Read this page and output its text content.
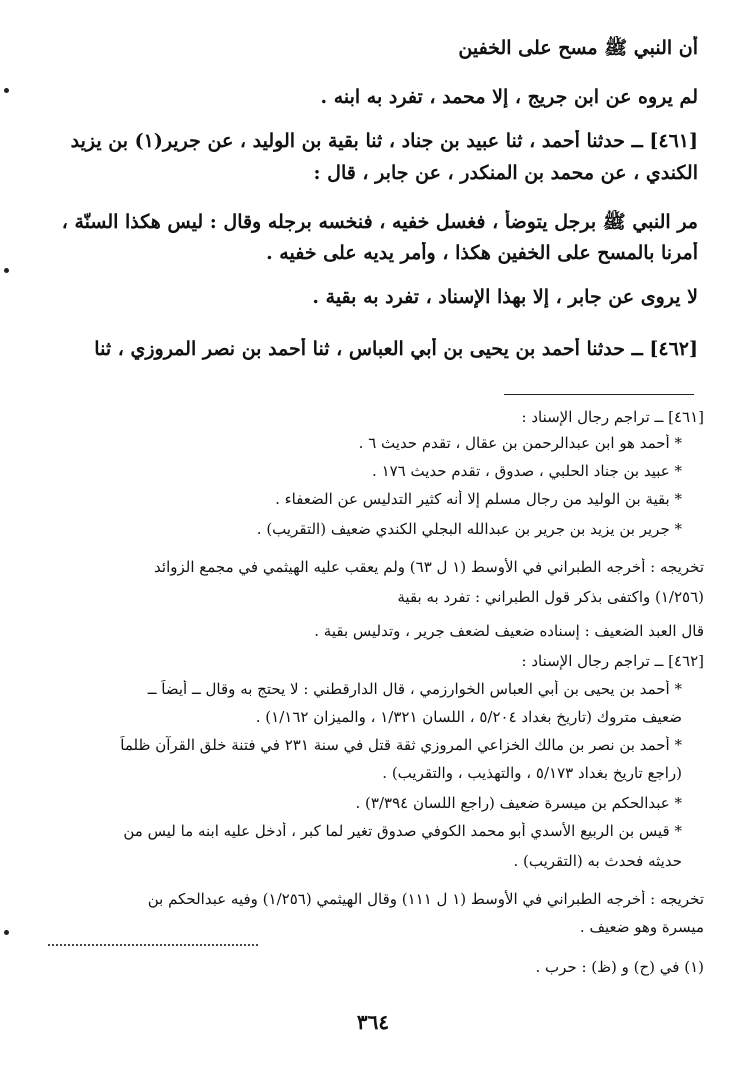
أن النبي ﷺ مسح على الخفين
لم يروه عن ابن جريج ، إلا محمد ، تفرد به ابنه .
[٤٦١] ــ حدثنا أحمد ، ثنا عبيد بن جناد ، ثنا بقية بن الوليد ، عن جرير(١) بن يزيد
الكندي ، عن محمد بن المنكدر ، عن جابر ، قال :
مر النبي ﷺ برجل يتوضأ ، فغسل خفيه ، فنخسه برجله وقال : ليس هكذا السنّة ،
أمرنا بالمسح على الخفين هكذا ، وأمر يديه على خفيه .
لا يروى عن جابر ، إلا بهذا الإسناد ، تفرد به بقية .
[٤٦٢] ــ حدثنا أحمد بن يحيى بن أبي العباس ، ثنا أحمد بن نصر المروزي ، ثنا
[٤٦١] ــ تراجم رجال الإسناد :
* أحمد هو ابن عبدالرحمن بن عقال ، تقدم حديث ٦ .
* عبيد بن جناد الحلبي ، صدوق ، تقدم حديث ١٧٦ .
* بقية بن الوليد من رجال مسلم إلا أنه كثير التدليس عن الضعفاء .
* جرير بن يزيد بن جرير بن عبدالله البجلي الكندي ضعيف (التقريب) .
تخريجه : أخرجه الطبراني في الأوسط (١ ل ٦٣) ولم يعقب عليه الهيثمي في مجمع الزوائد
(١/٢٥٦) واكتفى بذكر قول الطبراني : تفرد به بقية
قال العبد الضعيف : إسناده ضعيف لضعف جرير ، وتدليس بقية .
[٤٦٢] ــ تراجم رجال الإسناد :
* أحمد بن يحيى بن أبي العباس الخوارزمي ، قال الدارقطني : لا يحتج به وقال ــ أيضاً ــ
ضعيف متروك (تاريخ بغداد ٥/٢٠٤ ، اللسان ١/٣٢١ ، والميزان ١/١٦٢) .
* أحمد بن نصر بن مالك الخزاعي المروزي ثقة قتل في سنة ٢٣١ في فتنة خلق القرآن ظلماً
(راجع تاريخ بغداد ٥/١٧٣ ، والتهذيب ، والتقريب) .
* عبدالحكم بن ميسرة ضعيف (راجع اللسان ٣/٣٩٤) .
* قيس بن الربيع الأسدي أبو محمد الكوفي صدوق تغير لما كبر ، أدخل عليه ابنه ما ليس من
حديثه فحدث به (التقريب) .
تخريجه : أخرجه الطبراني في الأوسط (١ ل ١١١) وقال الهيثمي (١/٢٥٦) وفيه عبدالحكم بن
ميسرة وهو ضعيف .
(١) في (ح) و (ظ) : حرب .
٣٦٤
